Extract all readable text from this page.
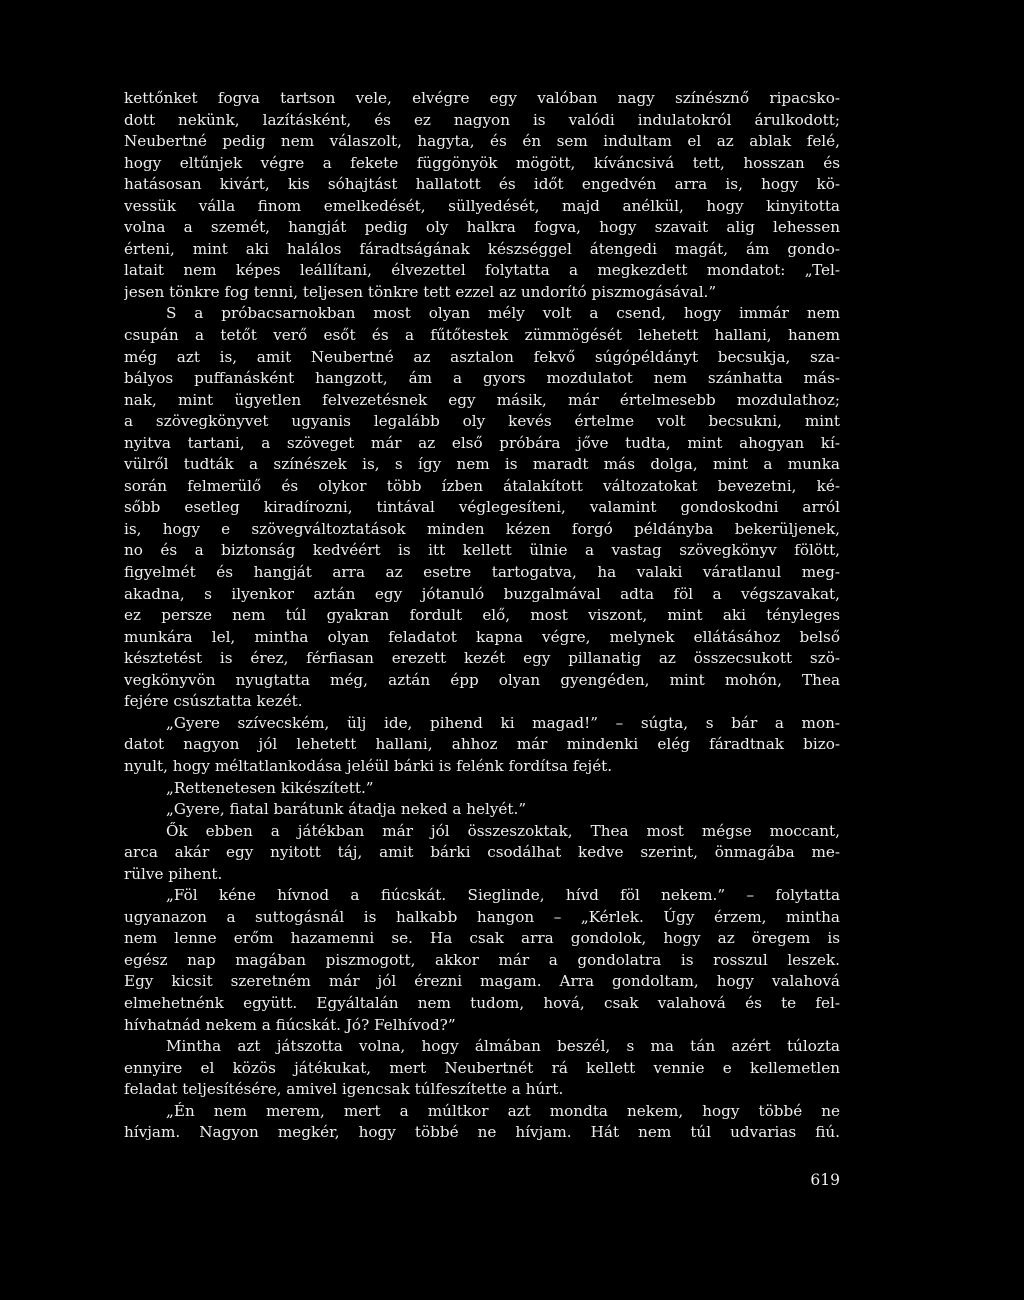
kettőnket fogva tartson vele, elvégre egy valóban nagy színésznő ripacsko-
dott nekünk, lazításként, és ez nagyon is valódi indulatokról árulkodott;
Neubertné pedig nem válaszolt, hagyta, és én sem indultam el az ablak felé,
hogy eltűnjek végre a fekete függönyök mögött, kíváncsivá tett, hosszan és
hatásosan kivárt, kis sóhajtást hallatott és időt engedvén arra is, hogy kö-
vessük válla finom emelkedését, süllyedését, majd anélkül, hogy kinyitotta
volna a szemét, hangját pedig oly halkra fogva, hogy szavait alig lehessen
érteni, mint aki halálos fáradtságának készséggel átengedi magát, ám gondo-
latait nem képes leállítani, élvezettel folytatta a megkezdett mondatot: „Tel-
jesen tönkre fog tenni, teljesen tönkre tett ezzel az undorító piszmogásával.”
S a próbacsarnokban most olyan mély volt a csend, hogy immár nem
csupán a tetőt verő esőt és a fűtőtestek zümmögését lehetett hallani, hanem
még azt is, amit Neubertné az asztalon fekvő súgópéldányt becsukja, sza-
bályos puffanásként hangzott, ám a gyors mozdulatot nem szánhatta más-
nak, mint ügyetlen felvezetésnek egy másik, már értelmesebb mozdulathoz;
a szövegkönyvet ugyanis legalább oly kevés értelme volt becsukni, mint
nyitva tartani, a szöveget már az első próbára jőve tudta, mint ahogyan kí-
vülről tudták a színészek is, s így nem is maradt más dolga, mint a munka
során felmerülő és olykor több ízben átalakított változatokat bevezetni, ké-
sőbb esetleg kiradírozni, tintával véglegesíteni, valamint gondoskodni arról
is, hogy e szövegváltoztatások minden kézen forgó példányba bekerüljenek,
no és a biztonság kedvéért is itt kellett ülnie a vastag szövegkönyv fölött,
figyelmét és hangját arra az esetre tartogatva, ha valaki váratlanul meg-
akadna, s ilyenkor aztán egy jótanuló buzgalmával adta föl a végszavakat,
ez persze nem túl gyakran fordult elő, most viszont, mint aki tényleges
munkára lel, mintha olyan feladatot kapna végre, melynek ellátásához belső
késztetést is érez, férfiasan erezett kezét egy pillanatig az összecsukott szö-
vegkönyvön nyugtatta még, aztán épp olyan gyengéden, mint mohón, Thea
fejére csúsztatta kezét.
„Gyere szívecském, ülj ide, pihend ki magad!” – súgta, s bár a mon-
datot nagyon jól lehetett hallani, ahhoz már mindenki elég fáradtnak bizo-
nyult, hogy méltatlankodása jeléül bárki is felénk fordítsa fejét.
„Rettenetesen kikészített.”
„Gyere, fiatal barátunk átadja neked a helyét.”
Ők ebben a játékban már jól összeszoktak, Thea most mégse moccant,
arca akár egy nyitott táj, amit bárki csodálhat kedve szerint, önmagába me-
rülve pihent.
„Föl kéne hívnod a fiúcskát. Sieglinde, hívd föl nekem.” – folytatta
ugyanazon a suttogásnál is halkabb hangon – „Kérlek. Úgy érzem, mintha
nem lenne erőm hazamenni se. Ha csak arra gondolok, hogy az öregem is
egész nap magában piszmogott, akkor már a gondolatra is rosszul leszek.
Egy kicsit szeretném már jól érezni magam. Arra gondoltam, hogy valahová
elmehetnénk együtt. Egyáltalán nem tudom, hová, csak valahová és te fel-
hívhatnád nekem a fiúcskát. Jó? Felhívod?”
Mintha azt játszotta volna, hogy álmában beszél, s ma tán azért túlozta
ennyire el közös játékukat, mert Neubertnét rá kellett vennie e kellemetlen
feladat teljesítésére, amivel igencsak túlfeszítette a húrt.
„Én nem merem, mert a múltkor azt mondta nekem, hogy többé ne
hívjam. Nagyon megkér, hogy többé ne hívjam. Hát nem túl udvarias fiú.
619
